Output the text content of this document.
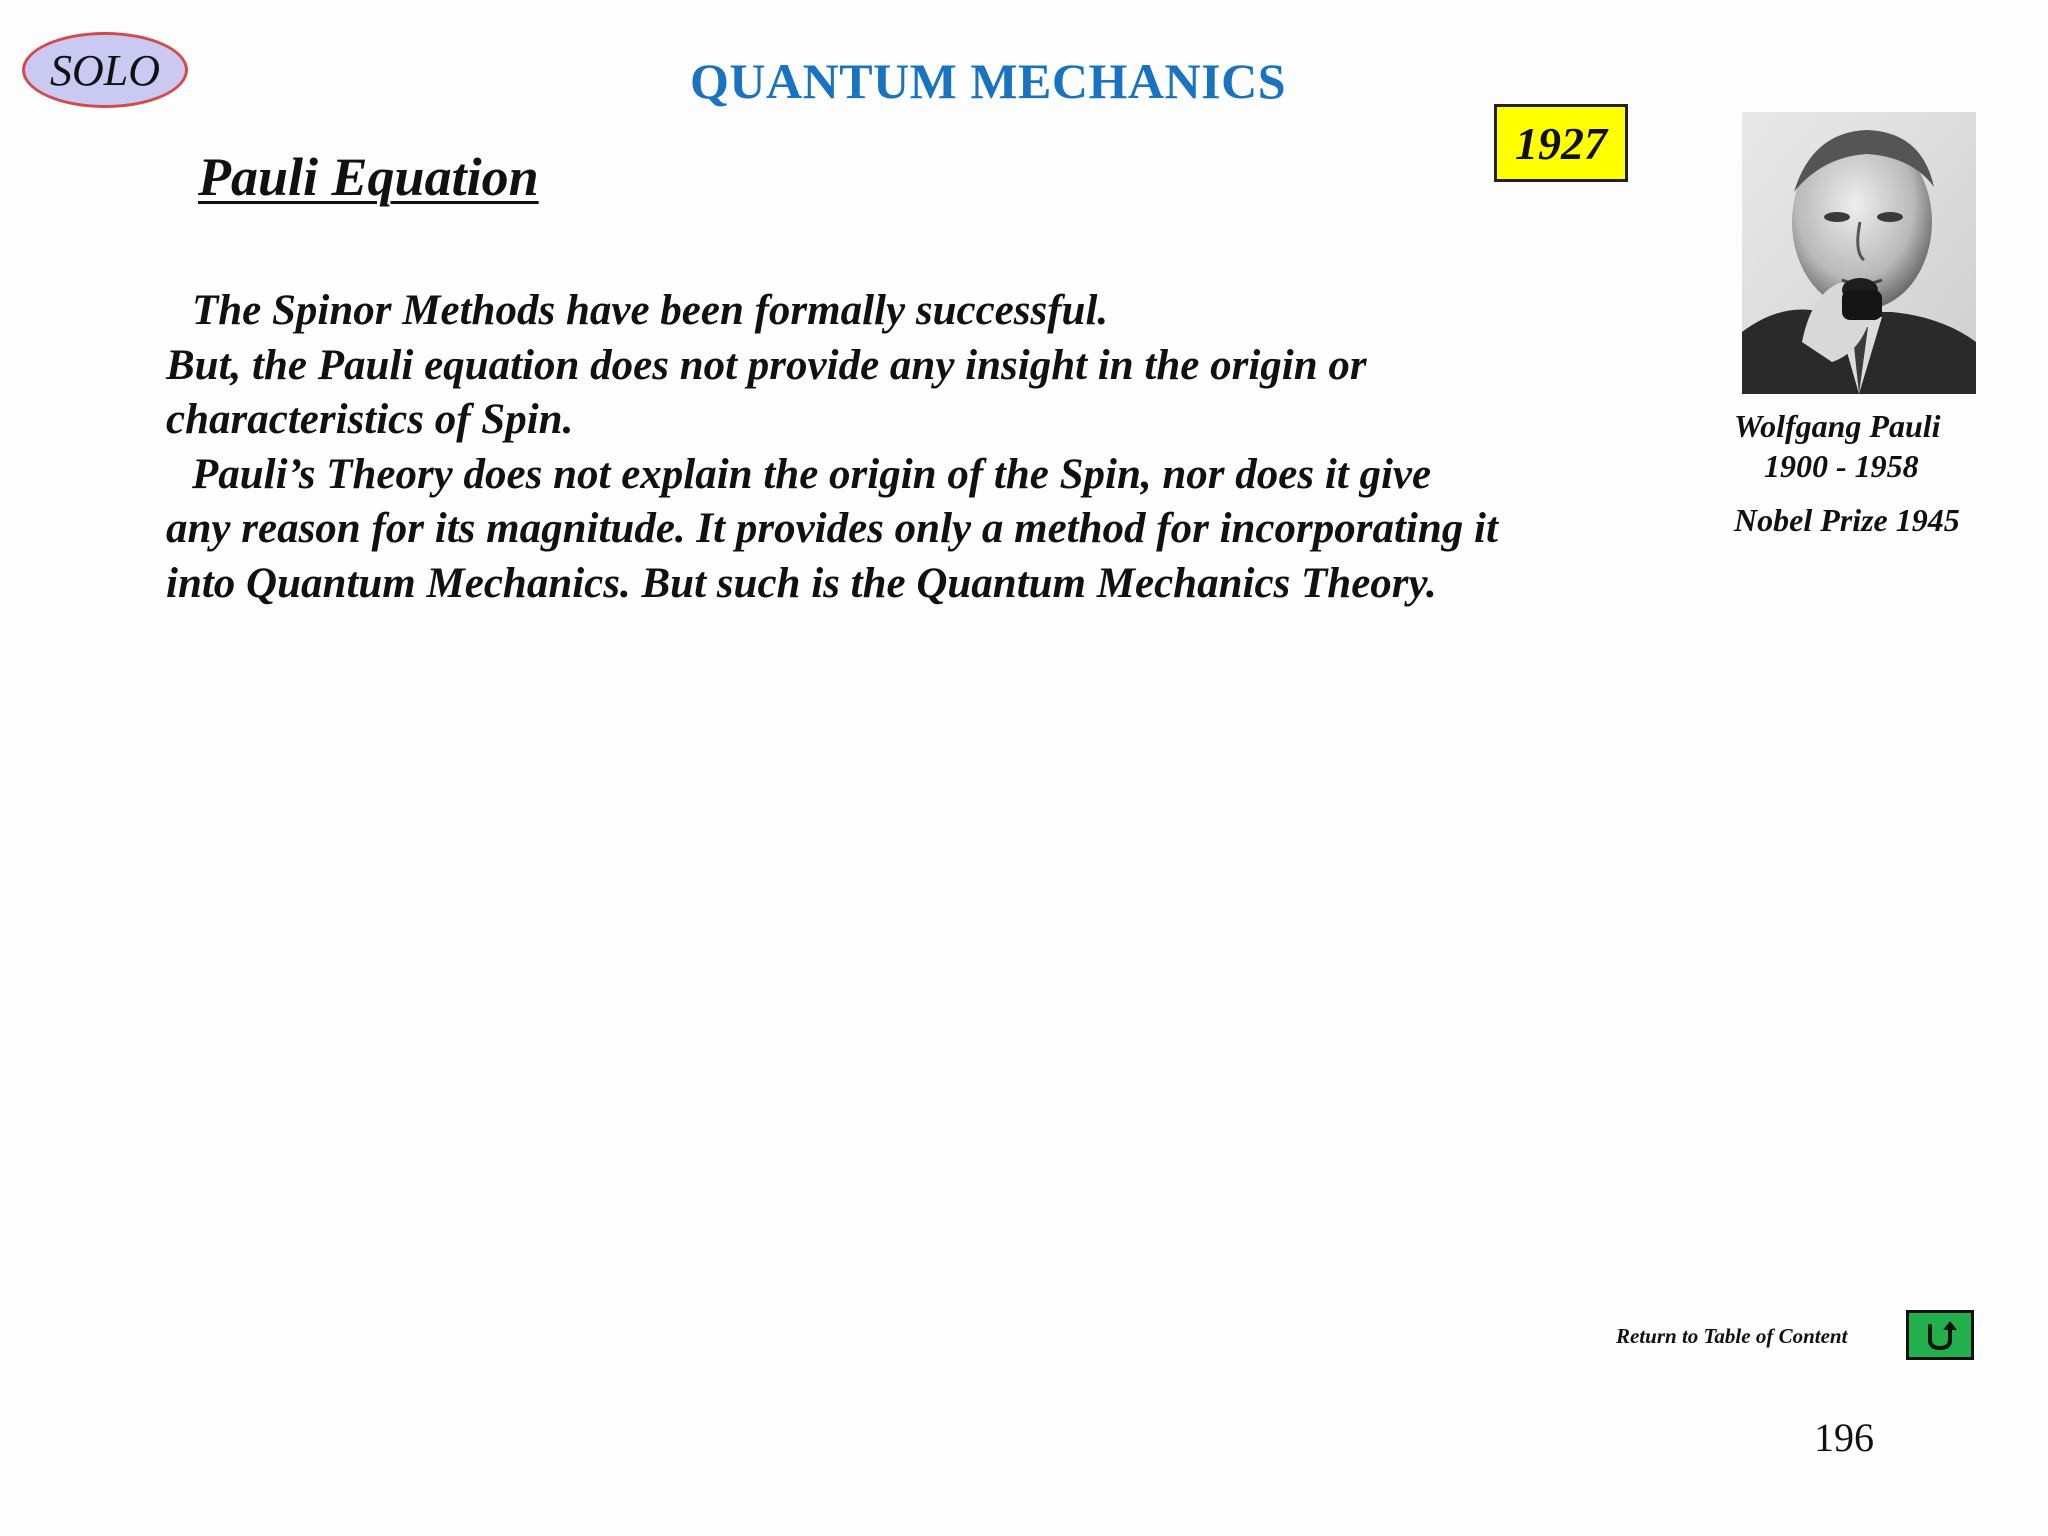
SOLO	QUANTUM MECHANICS
1927
Pauli Equation
The Spinor Methods have been formally successful.
But, the Pauli equation does not provide any insight in the origin or
characteristics of Spin.
Pauli’s Theory does not explain the origin of the Spin, nor does it give
any reason for its magnitude. It provides only a method for incorporating it
into Quantum Mechanics. But such is the Quantum Mechanics Theory.
Wolfgang Pauli
1900 - 1958
Nobel Prize 1945
Return to Table of Content
196
